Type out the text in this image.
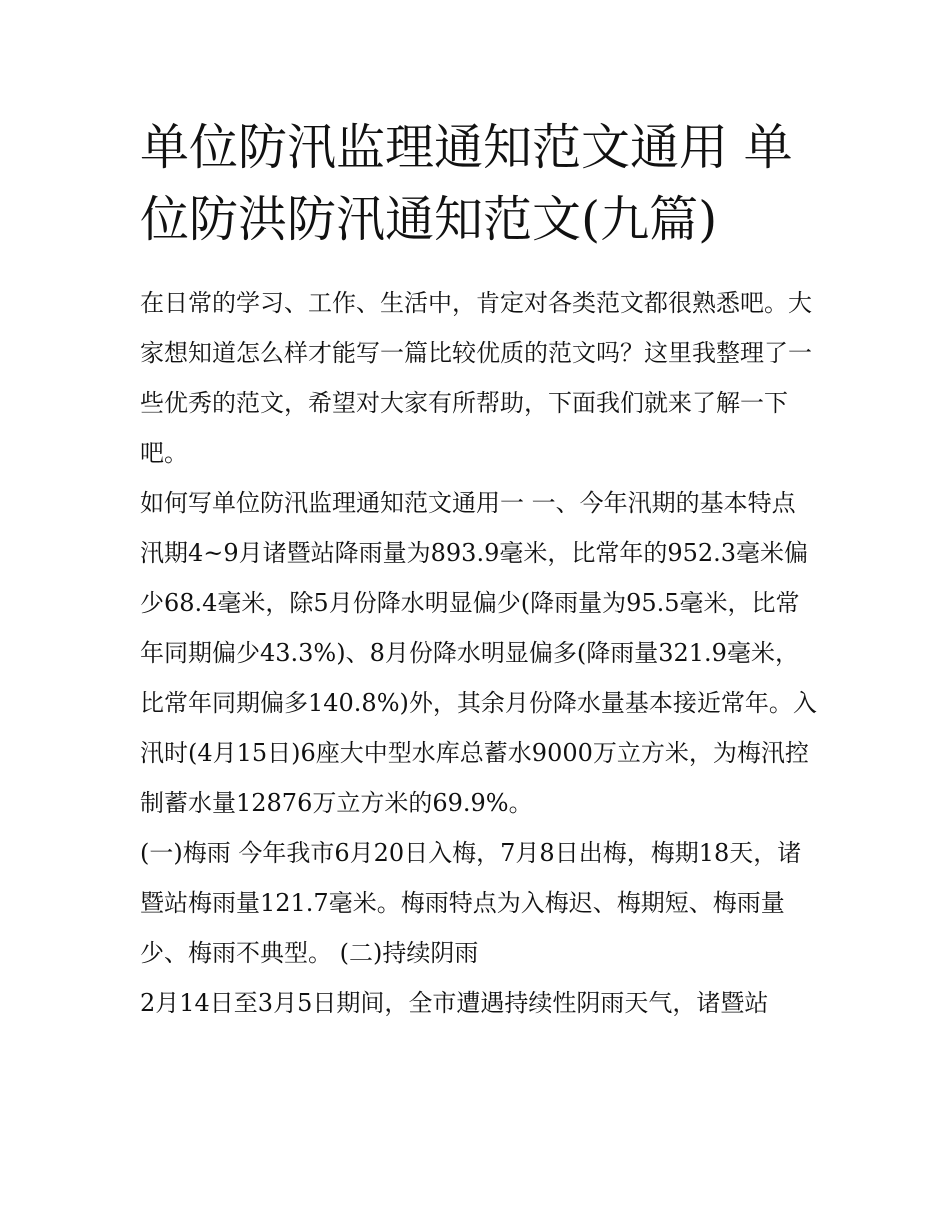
单位防汛监理通知范文通用 单位防洪防汛通知范文(九篇)

在日常的学习、工作、生活中，肯定对各类范文都很熟悉吧。大家想知道怎么样才能写一篇比较优质的范文吗？这里我整理了一些优秀的范文，希望对大家有所帮助，下面我们就来了解一下吧。

如何写单位防汛监理通知范文通用一 一、今年汛期的基本特点

汛期4~9月诸暨站降雨量为893.9毫米，比常年的952.3毫米偏少68.4毫米，除5月份降水明显偏少(降雨量为95.5毫米，比常年同期偏少43.3%)、8月份降水明显偏多(降雨量321.9毫米，比常年同期偏多140.8%)外，其余月份降水量基本接近常年。入汛时(4月15日)6座大中型水库总蓄水9000万立方米，为梅汛控制蓄水量12876万立方米的69.9%。

(一)梅雨 今年我市6月20日入梅，7月8日出梅，梅期18天，诸暨站梅雨量121.7毫米。梅雨特点为入梅迟、梅期短、梅雨量少、梅雨不典型。 (二)持续阴雨

2月14日至3月5日期间，全市遭遇持续性阴雨天气，诸暨站
